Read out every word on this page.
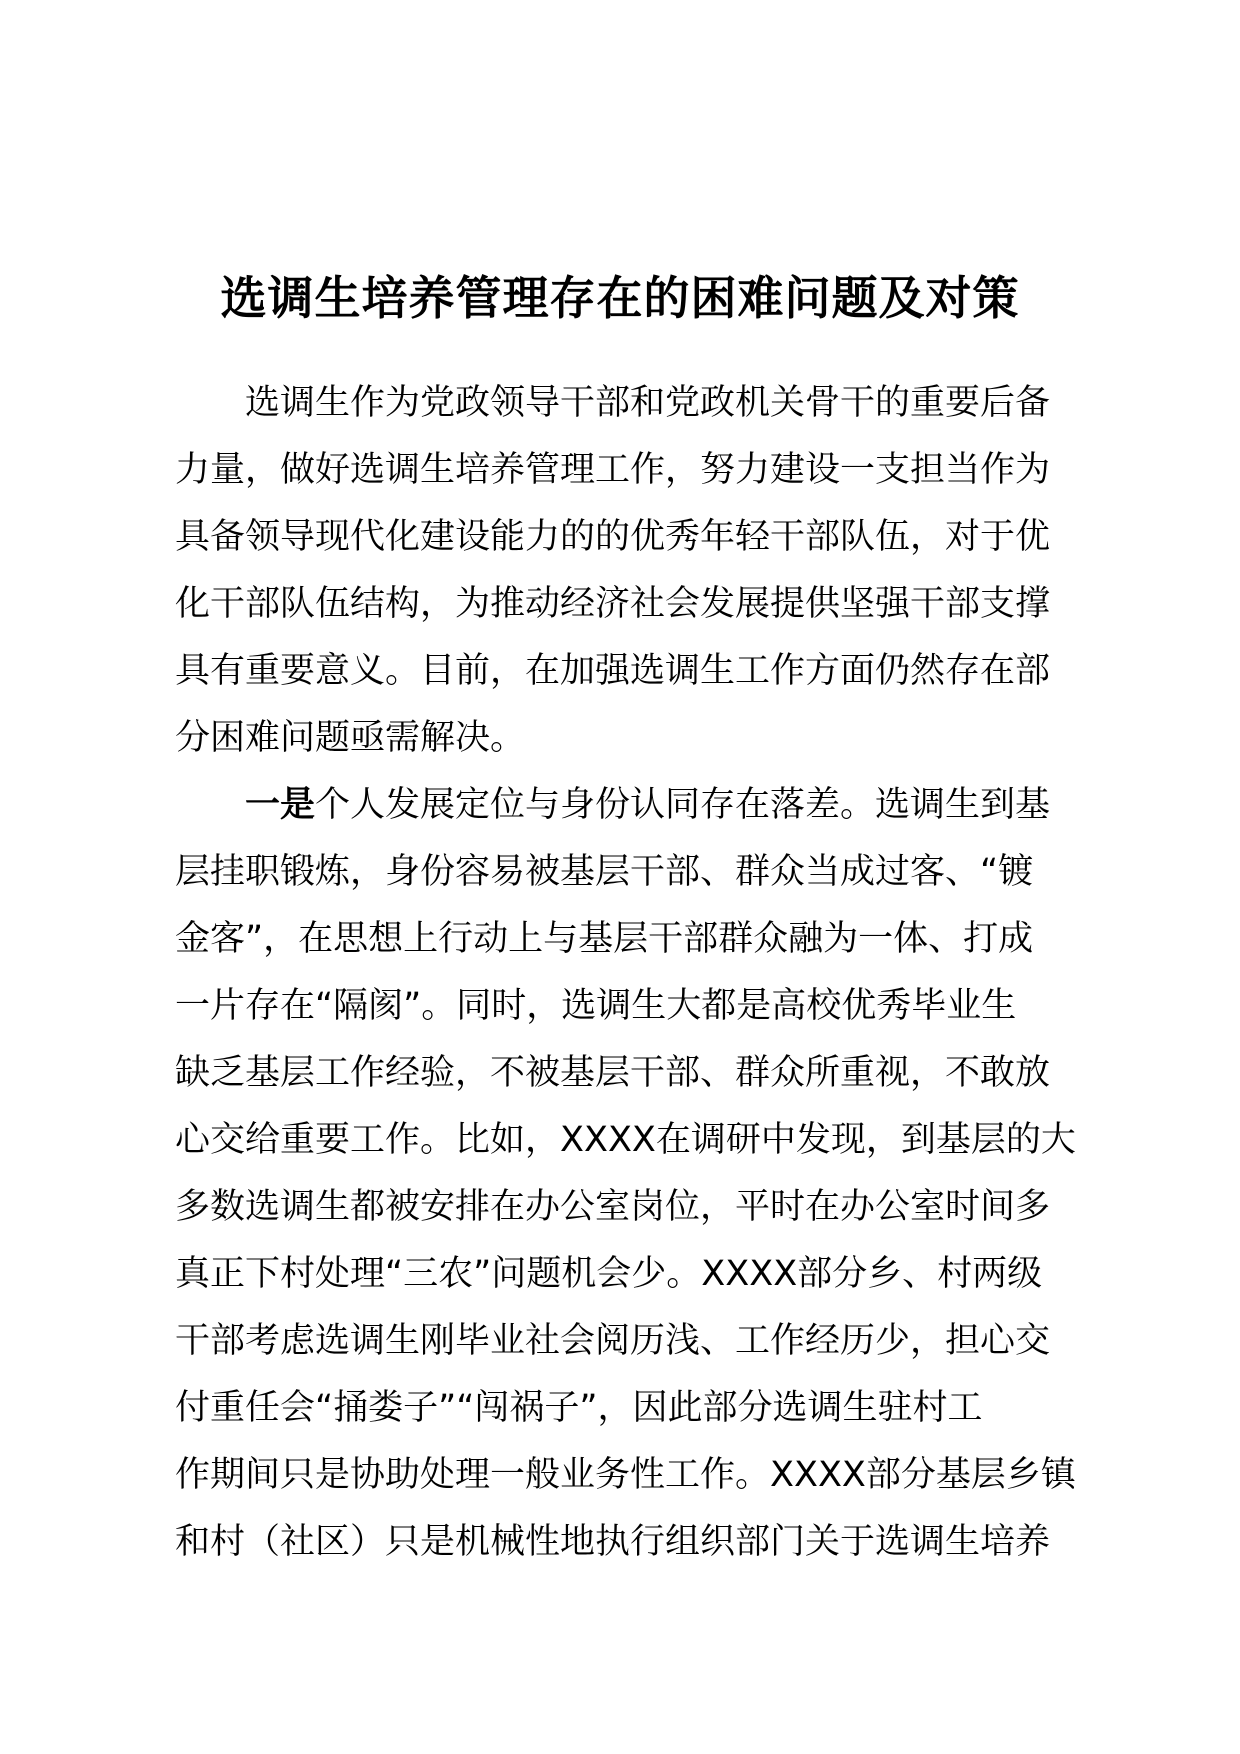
选调生培养管理存在的困难问题及对策

选调生作为党政领导干部和党政机关骨干的重要后备
力量，做好选调生培养管理工作，努力建设一支担当作为
具备领导现代化建设能力的的优秀年轻干部队伍，对于优
化干部队伍结构，为推动经济社会发展提供坚强干部支撑
具有重要意义。目前，在加强选调生工作方面仍然存在部
分困难问题亟需解决。

一是个人发展定位与身份认同存在落差。选调生到基
层挂职锻炼，身份容易被基层干部、群众当成过客、“镀
金客”，在思想上行动上与基层干部群众融为一体、打成
一片存在“隔阂”。同时，选调生大都是高校优秀毕业生
缺乏基层工作经验，不被基层干部、群众所重视，不敢放
心交给重要工作。比如，XXXX在调研中发现，到基层的大
多数选调生都被安排在办公室岗位，平时在办公室时间多
真正下村处理“三农”问题机会少。XXXX部分乡、村两级
干部考虑选调生刚毕业社会阅历浅、工作经历少，担心交
付重任会“捅娄子”“闯祸子”，因此部分选调生驻村工
作期间只是协助处理一般业务性工作。XXXX部分基层乡镇
和村（社区）只是机械性地执行组织部门关于选调生培养
